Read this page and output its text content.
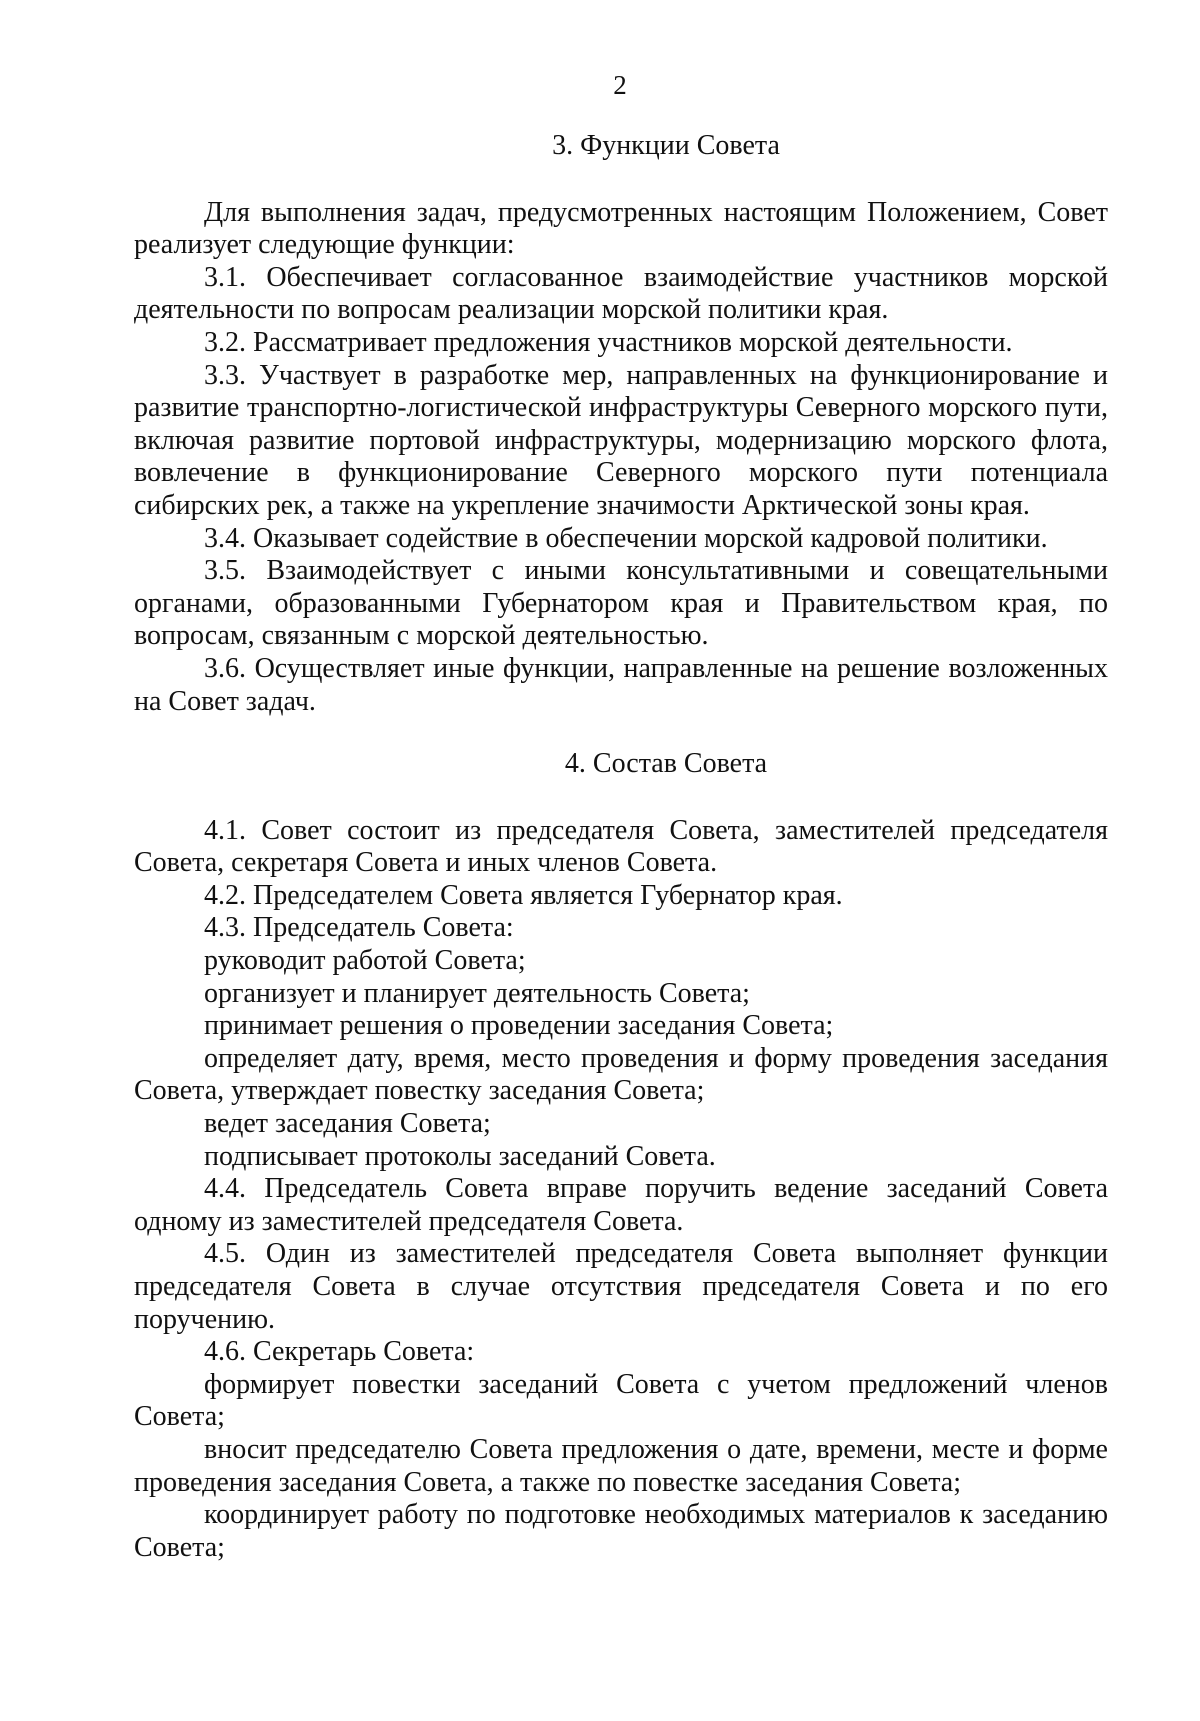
2
3. Функции Совета

Для выполнения задач, предусмотренных настоящим Положением, Совет реализует следующие функции:

3.1. Обеспечивает согласованное взаимодействие участников морской деятельности по вопросам реализации морской политики края.

3.2. Рассматривает предложения участников морской деятельности.

3.3. Участвует в разработке мер, направленных на функционирование и развитие транспортно-логистической инфраструктуры Северного морского пути, включая развитие портовой инфраструктуры, модернизацию морского флота, вовлечение в функционирование Северного морского пути потенциала сибирских рек, а также на укрепление значимости Арктической зоны края.

3.4. Оказывает содействие в обеспечении морской кадровой политики.

3.5. Взаимодействует с иными консультативными и совещательными органами, образованными Губернатором края и Правительством края, по вопросам, связанным с морской деятельностью.

3.6. Осуществляет иные функции, направленные на решение возложенных на Совет задач.

4. Состав Совета

4.1. Совет состоит из председателя Совета, заместителей председателя Совета, секретаря Совета и иных членов Совета.

4.2. Председателем Совета является Губернатор края.

4.3. Председатель Совета:

руководит работой Совета;

организует и планирует деятельность Совета;

принимает решения о проведении заседания Совета;

определяет дату, время, место проведения и форму проведения заседания Совета, утверждает повестку заседания Совета;

ведет заседания Совета;

подписывает протоколы заседаний Совета.

4.4. Председатель Совета вправе поручить ведение заседаний Совета одному из заместителей председателя Совета.

4.5. Один из заместителей председателя Совета выполняет функции председателя Совета в случае отсутствия председателя Совета и по его поручению.

4.6. Секретарь Совета:

формирует повестки заседаний Совета с учетом предложений членов Совета;

вносит председателю Совета предложения о дате, времени, месте и форме проведения заседания Совета, а также по повестке заседания Совета;

координирует работу по подготовке необходимых материалов к заседанию Совета;
